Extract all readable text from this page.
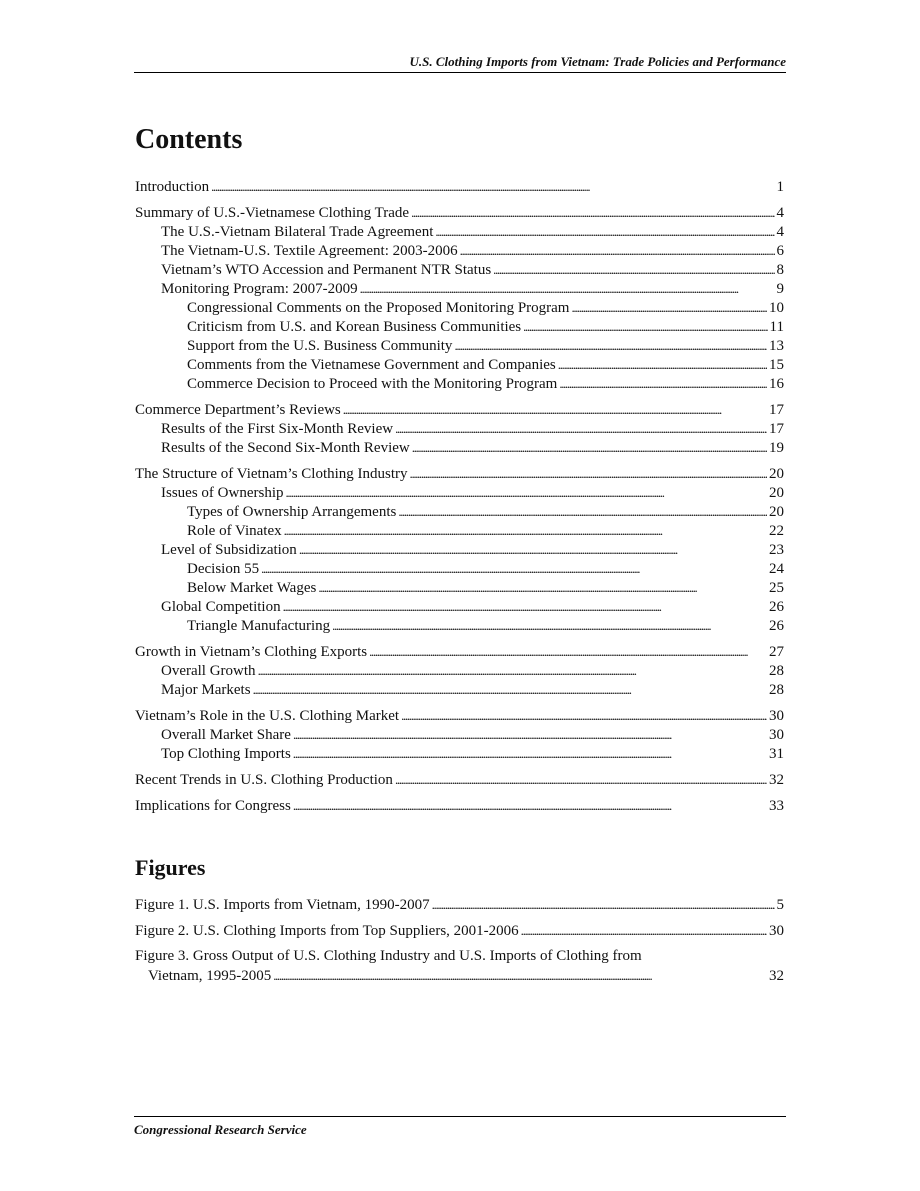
U.S. Clothing Imports from Vietnam: Trade Policies and Performance
Contents
Introduction . . .	1
Summary of U.S.-Vietnamese Clothing Trade . . .	4
The U.S.-Vietnam Bilateral Trade Agreement . . .	4
The Vietnam-U.S. Textile Agreement: 2003-2006 . . .	6
Vietnam’s WTO Accession and Permanent NTR Status . . .	8
Monitoring Program: 2007-2009 . . .	9
Congressional Comments on the Proposed Monitoring Program . . .	10
Criticism from U.S. and Korean Business Communities . . .	11
Support from the U.S. Business Community . . .	13
Comments from the Vietnamese Government and Companies . . .	15
Commerce Decision to Proceed with the Monitoring Program . . .	16
Commerce Department’s Reviews . . .	17
Results of the First Six-Month Review . . .	17
Results of the Second Six-Month Review . . .	19
The Structure of Vietnam’s Clothing Industry . . .	20
Issues of Ownership . . .	20
Types of Ownership Arrangements . . .	20
Role of Vinatex . . .	22
Level of Subsidization . . .	23
Decision 55 . . .	24
Below Market Wages . . .	25
Global Competition . . .	26
Triangle Manufacturing . . .	26
Growth in Vietnam’s Clothing Exports . . .	27
Overall Growth . . .	28
Major Markets . . .	28
Vietnam’s Role in the U.S. Clothing Market . . .	30
Overall Market Share . . .	30
Top Clothing Imports . . .	31
Recent Trends in U.S. Clothing Production . . .	32
Implications for Congress . . .	33
Figures
Figure 1. U.S. Imports from Vietnam, 1990-2007 . . .	5
Figure 2. U.S. Clothing Imports from Top Suppliers, 2001-2006 . . .	30
Figure 3. Gross Output of U.S. Clothing Industry and U.S. Imports of Clothing from
Vietnam, 1995-2005 . . .	32
Congressional Research Service
